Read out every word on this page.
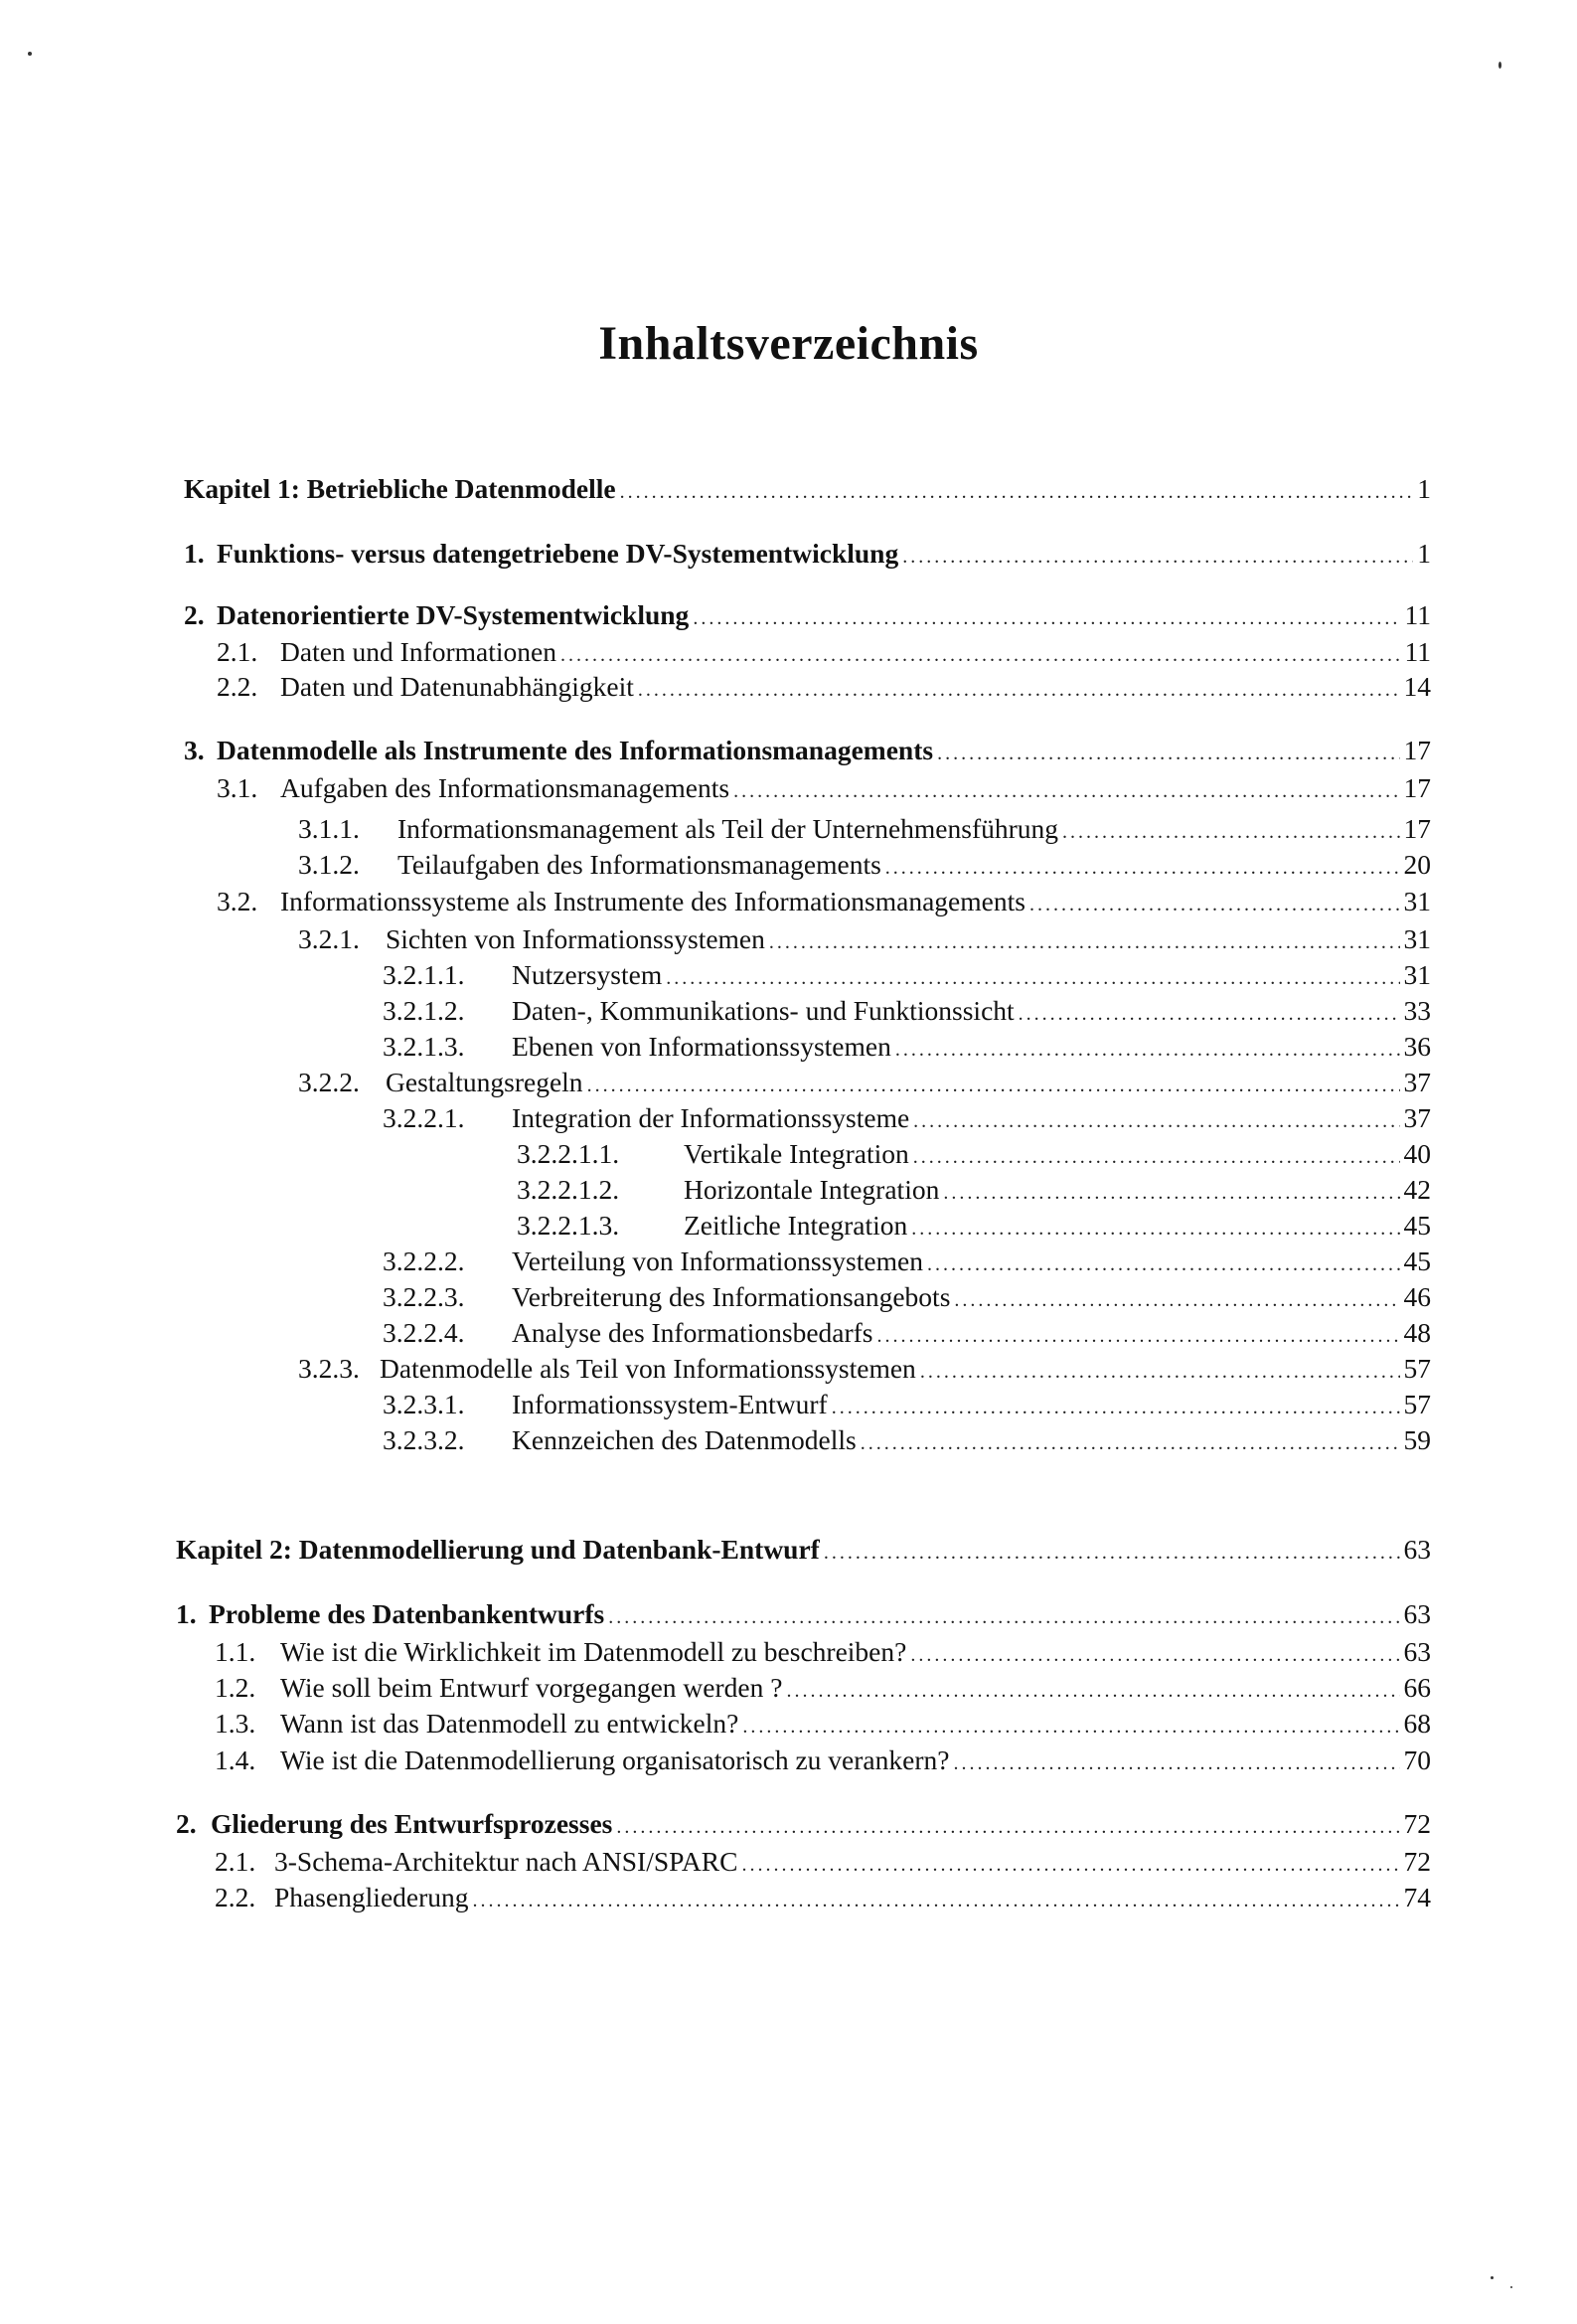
Inhaltsverzeichnis
Kapitel 1: Betriebliche Datenmodelle .....	1
1. Funktions- versus datengetriebene DV-Systementwicklung .....	1
2. Datenorientierte DV-Systementwicklung .....	11
2.1. Daten und Informationen .....	11
2.2. Daten und Datenunabhängigkeit .....	14
3. Datenmodelle als Instrumente des Informationsmanagements .....	17
3.1. Aufgaben des Informationsmanagements .....	17
3.1.1.	Informationsmanagement als Teil der Unternehmensführung .....	17
3.1.2.	Teilaufgaben des Informationsmanagements .....	20
3.2. Informationssysteme als Instrumente des Informationsmanagements .....	31
3.2.1. Sichten von Informationssystemen .....	31
3.2.1.1.	Nutzersystem .....	31
3.2.1.2.	Daten-, Kommunikations- und Funktionssicht .....	33
3.2.1.3.	Ebenen von Informationssystemen .....	36
3.2.2. Gestaltungsregeln .....	37
3.2.2.1.	Integration der Informationssysteme .....	37
3.2.2.1.1.	Vertikale Integration .....	40
3.2.2.1.2.	Horizontale Integration .....	42
3.2.2.1.3.	Zeitliche Integration .....	45
3.2.2.2.	Verteilung von Informationssystemen .....	45
3.2.2.3.	Verbreiterung des Informationsangebots .....	46
3.2.2.4.	Analyse des Informationsbedarfs .....	48
3.2.3. Datenmodelle als Teil von Informationssystemen .....	57
3.2.3.1.	Informationssystem-Entwurf .....	57
3.2.3.2.	Kennzeichen des Datenmodells .....	59
Kapitel 2: Datenmodellierung und Datenbank-Entwurf .....	63
1. Probleme des Datenbankentwurfs .....	63
1.1. Wie ist die Wirklichkeit im Datenmodell zu beschreiben? .....	63
1.2. Wie soll beim Entwurf vorgegangen werden ? .....	66
1.3. Wann ist das Datenmodell zu entwickeln? .....	68
1.4. Wie ist die Datenmodellierung organisatorisch zu verankern? .....	70
2. Gliederung des Entwurfsprozesses .....	72
2.1. 3-Schema-Architektur nach ANSI/SPARC .....	72
2.2. Phasengliederung .....	74
